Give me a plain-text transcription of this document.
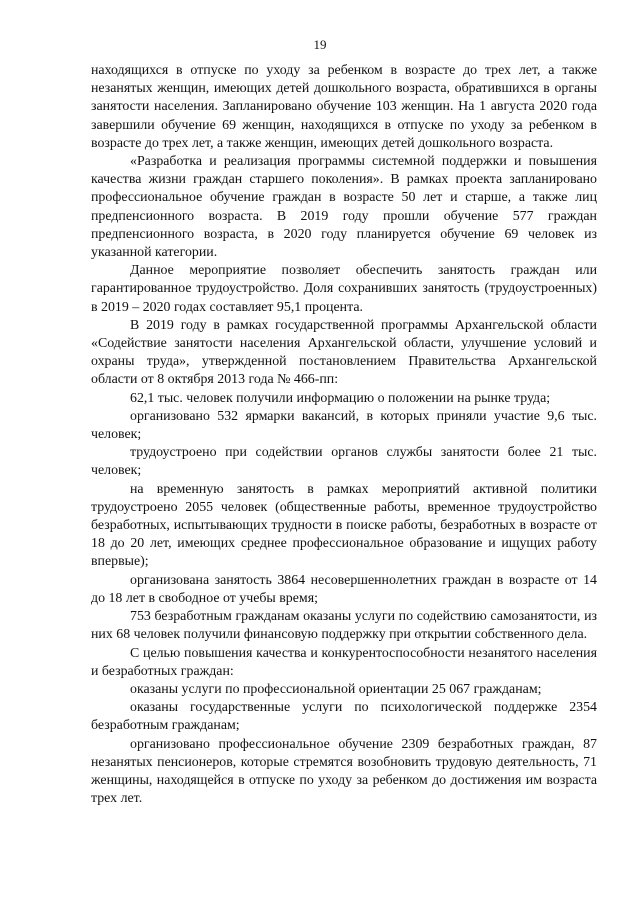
19

находящихся в отпуске по уходу за ребенком в возрасте до трех лет, а также незанятых женщин, имеющих детей дошкольного возраста, обратившихся в органы занятости населения. Запланировано обучение 103 женщин. На 1 августа 2020 года завершили обучение 69 женщин, находящихся в отпуске по уходу за ребенком в возрасте до трех лет, а также женщин, имеющих детей дошкольного возраста.

«Разработка и реализация программы системной поддержки и повышения качества жизни граждан старшего поколения». В рамках проекта запланировано профессиональное обучение граждан в возрасте 50 лет и старше, а также лиц предпенсионного возраста. В 2019 году прошли обучение 577 граждан предпенсионного возраста, в 2020 году планируется обучение 69 человек из указанной категории.

Данное мероприятие позволяет обеспечить занятость граждан или гарантированное трудоустройство. Доля сохранивших занятость (трудоустроенных) в 2019 – 2020 годах составляет 95,1 процента.

В 2019 году в рамках государственной программы Архангельской области «Содействие занятости населения Архангельской области, улучшение условий и охраны труда», утвержденной постановлением Правительства Архангельской области от 8 октября 2013 года № 466-пп:

62,1 тыс. человек получили информацию о положении на рынке труда;

организовано 532 ярмарки вакансий, в которых приняли участие 9,6 тыс. человек;

трудоустроено при содействии органов службы занятости более 21 тыс. человек;

на временную занятость в рамках мероприятий активной политики трудоустроено 2055 человек (общественные работы, временное трудоустройство безработных, испытывающих трудности в поиске работы, безработных в возрасте от 18 до 20 лет, имеющих среднее профессиональное образование и ищущих работу впервые);

организована занятость 3864 несовершеннолетних граждан в возрасте от 14 до 18 лет в свободное от учебы время;

753 безработным гражданам оказаны услуги по содействию самозанятости, из них 68 человек получили финансовую поддержку при открытии собственного дела.

С целью повышения качества и конкурентоспособности незанятого населения и безработных граждан:

оказаны услуги по профессиональной ориентации 25 067 гражданам;

оказаны государственные услуги по психологической поддержке 2354 безработным гражданам;

организовано профессиональное обучение 2309 безработных граждан, 87 незанятых пенсионеров, которые стремятся возобновить трудовую деятельность, 71 женщины, находящейся в отпуске по уходу за ребенком до достижения им возраста трех лет.
